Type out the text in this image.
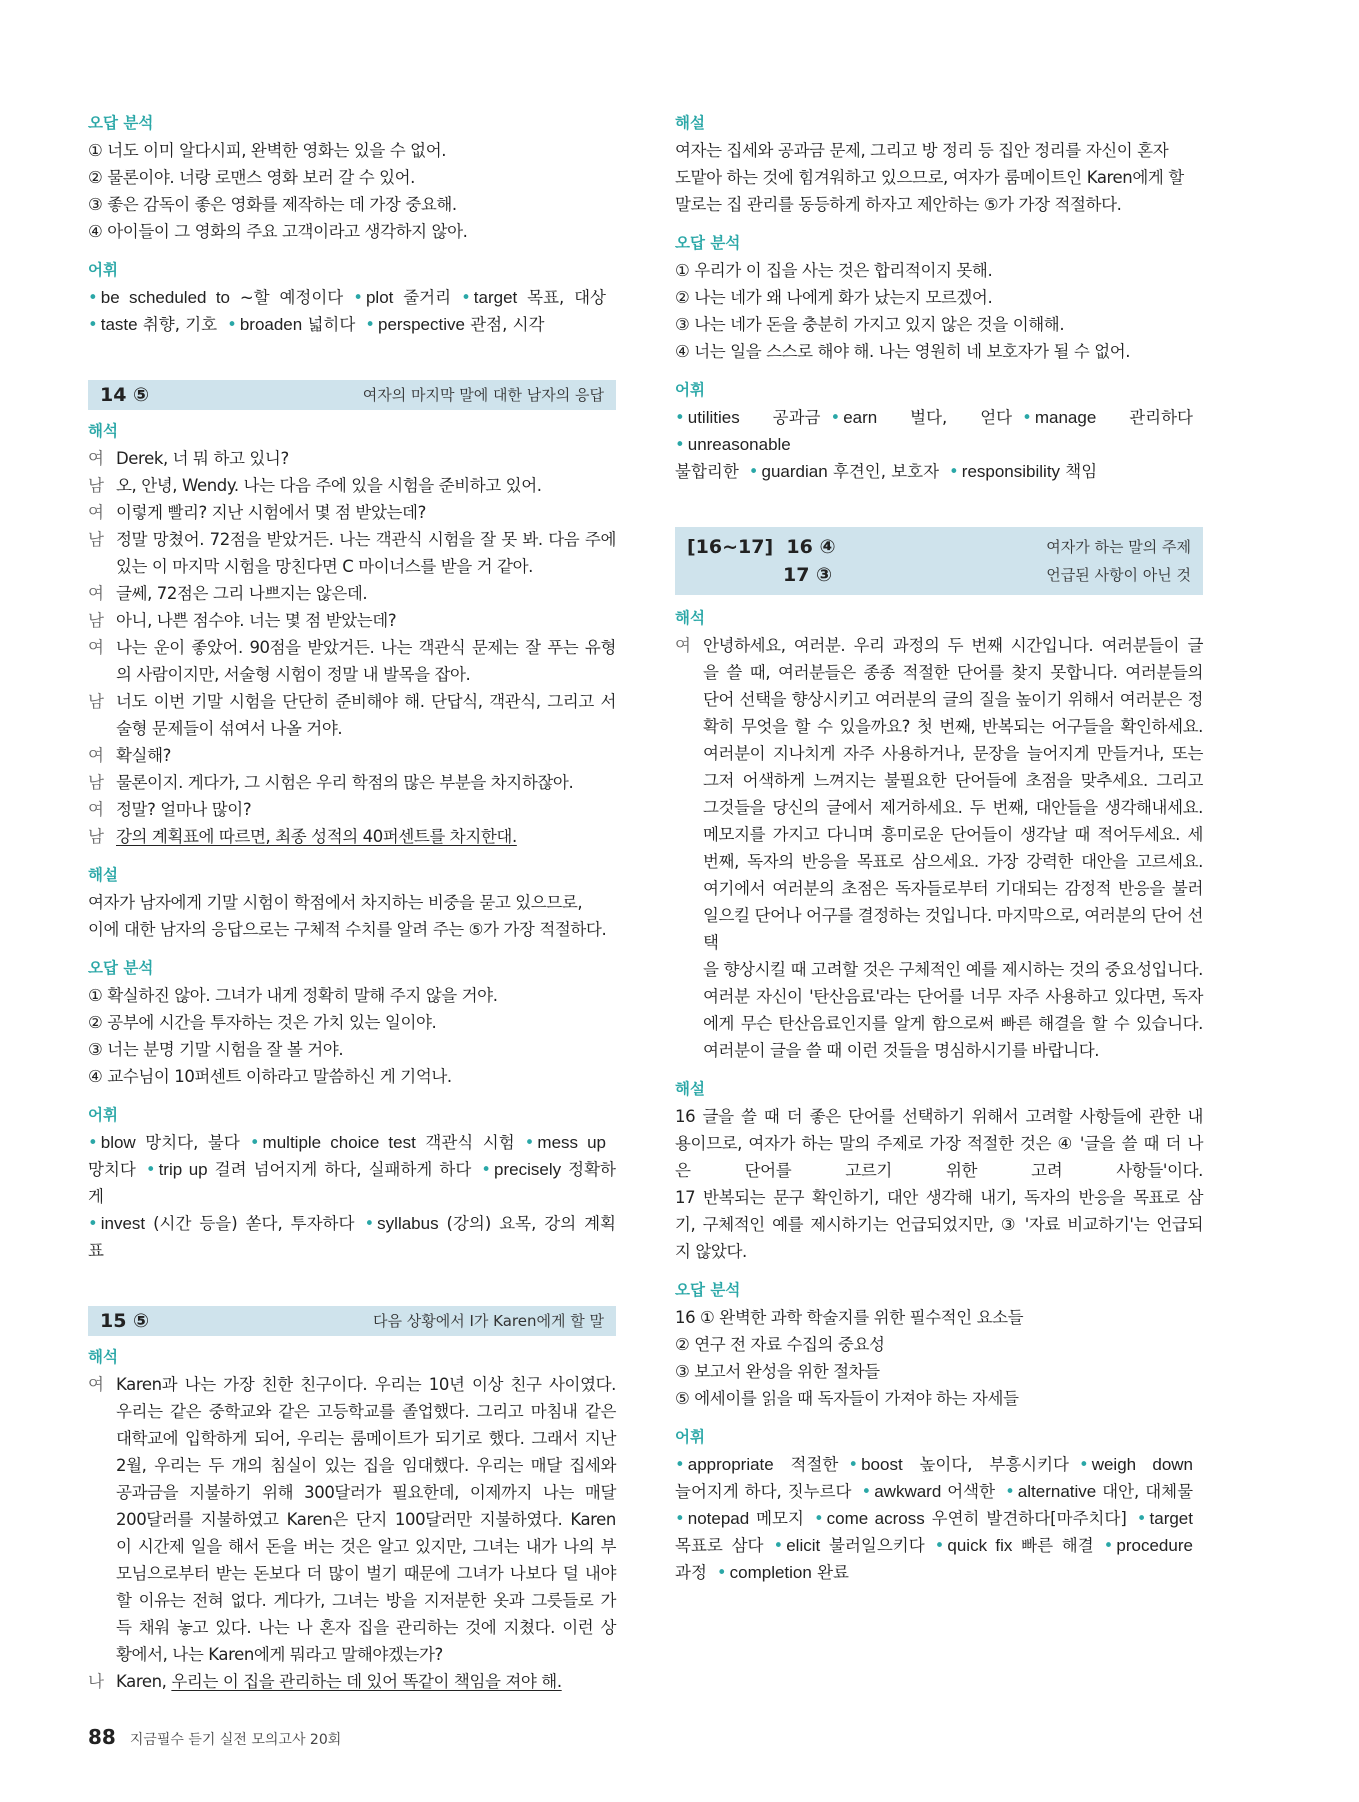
오답 분석
① 너도 이미 알다시피, 완벽한 영화는 있을 수 없어.
② 물론이야. 너랑 로맨스 영화 보러 갈 수 있어.
③ 좋은 감독이 좋은 영화를 제작하는 데 가장 중요해.
④ 아이들이 그 영화의 주요 고객이라고 생각하지 않아.
어휘
• be scheduled to ~할 예정이다 • plot 줄거리 • target 목표, 대상
• taste 취향, 기호 • broaden 넓히다 • perspective 관점, 시각
14 ⑤	여자의 마지막 말에 대한 남자의 응답
해석
여 Derek, 너 뭐 하고 있니?
남 오, 안녕, Wendy. 나는 다음 주에 있을 시험을 준비하고 있어.
여 이렇게 빨리? 지난 시험에서 몇 점 받았는데?
남 정말 망쳤어. 72점을 받았거든. 나는 객관식 시험을 잘 못 봐. 다음 주에
있는 이 마지막 시험을 망친다면 C 마이너스를 받을 거 같아.
여 글쎄, 72점은 그리 나쁘지는 않은데.
남 아니, 나쁜 점수야. 너는 몇 점 받았는데?
여 나는 운이 좋았어. 90점을 받았거든. 나는 객관식 문제는 잘 푸는 유형
의 사람이지만, 서술형 시험이 정말 내 발목을 잡아.
남 너도 이번 기말 시험을 단단히 준비해야 해. 단답식, 객관식, 그리고 서
술형 문제들이 섞여서 나올 거야.
여 확실해?
남 물론이지. 게다가, 그 시험은 우리 학점의 많은 부분을 차지하잖아.
여 정말? 얼마나 많이?
남 강의 계획표에 따르면, 최종 성적의 40퍼센트를 차지한대.
해설
여자가 남자에게 기말 시험이 학점에서 차지하는 비중을 묻고 있으므로,
이에 대한 남자의 응답으로는 구체적 수치를 알려 주는 ⑤가 가장 적절하다.
오답 분석
① 확실하진 않아. 그녀가 내게 정확히 말해 주지 않을 거야.
② 공부에 시간을 투자하는 것은 가치 있는 일이야.
③ 너는 분명 기말 시험을 잘 볼 거야.
④ 교수님이 10퍼센트 이하라고 말씀하신 게 기억나.
어휘
• blow 망치다, 불다 • multiple choice test 객관식 시험 • mess up
망치다 • trip up 걸려 넘어지게 하다, 실패하게 하다 • precisely 정확하게
• invest (시간 등을) 쏟다, 투자하다 • syllabus (강의) 요목, 강의 계획표
15 ⑤	다음 상황에서 I가 Karen에게 할 말
해석
여 Karen과 나는 가장 친한 친구이다. 우리는 10년 이상 친구 사이였다.
우리는 같은 중학교와 같은 고등학교를 졸업했다. 그리고 마침내 같은
대학교에 입학하게 되어, 우리는 룸메이트가 되기로 했다. 그래서 지난
2월, 우리는 두 개의 침실이 있는 집을 임대했다. 우리는 매달 집세와
공과금을 지불하기 위해 300달러가 필요한데, 이제까지 나는 매달
200달러를 지불하였고 Karen은 단지 100달러만 지불하였다. Karen
이 시간제 일을 해서 돈을 버는 것은 알고 있지만, 그녀는 내가 나의 부
모님으로부터 받는 돈보다 더 많이 벌기 때문에 그녀가 나보다 덜 내야
할 이유는 전혀 없다. 게다가, 그녀는 방을 지저분한 옷과 그릇들로 가
득 채워 놓고 있다. 나는 나 혼자 집을 관리하는 것에 지쳤다. 이런 상
황에서, 나는 Karen에게 뭐라고 말해야겠는가?
나 Karen, 우리는 이 집을 관리하는 데 있어 똑같이 책임을 져야 해.
해설
여자는 집세와 공과금 문제, 그리고 방 정리 등 집안 정리를 자신이 혼자
도맡아 하는 것에 힘겨워하고 있으므로, 여자가 룸메이트인 Karen에게 할
말로는 집 관리를 동등하게 하자고 제안하는 ⑤가 가장 적절하다.
오답 분석
① 우리가 이 집을 사는 것은 합리적이지 못해.
② 나는 네가 왜 나에게 화가 났는지 모르겠어.
③ 나는 네가 돈을 충분히 가지고 있지 않은 것을 이해해.
④ 너는 일을 스스로 해야 해. 나는 영원히 네 보호자가 될 수 없어.
어휘
• utilities 공과금 • earn 벌다, 얻다 • manage 관리하다• unreasonable
불합리한 • guardian 후견인, 보호자 • responsibility 책임
[16~17] 16 ④	여자가 하는 말의 주제
17 ③	언급된 사항이 아닌 것
해석
여 안녕하세요, 여러분. 우리 과정의 두 번째 시간입니다. 여러분들이 글
을 쓸 때, 여러분들은 종종 적절한 단어를 찾지 못합니다. 여러분들의
단어 선택을 향상시키고 여러분의 글의 질을 높이기 위해서 여러분은 정
확히 무엇을 할 수 있을까요? 첫 번째, 반복되는 어구들을 확인하세요.
여러분이 지나치게 자주 사용하거나, 문장을 늘어지게 만들거나, 또는
그저 어색하게 느껴지는 불필요한 단어들에 초점을 맞추세요. 그리고
그것들을 당신의 글에서 제거하세요. 두 번째, 대안들을 생각해내세요.
메모지를 가지고 다니며 흥미로운 단어들이 생각날 때 적어두세요. 세
번째, 독자의 반응을 목표로 삼으세요. 가장 강력한 대안을 고르세요.
여기에서 여러분의 초점은 독자들로부터 기대되는 감정적 반응을 불러
일으킬 단어나 어구를 결정하는 것입니다. 마지막으로, 여러분의 단어 선택
을 향상시킬 때 고려할 것은 구체적인 예를 제시하는 것의 중요성입니다.
여러분 자신이 '탄산음료'라는 단어를 너무 자주 사용하고 있다면, 독자
에게 무슨 탄산음료인지를 알게 함으로써 빠른 해결을 할 수 있습니다.
여러분이 글을 쓸 때 이런 것들을 명심하시기를 바랍니다.
해설
16 글을 쓸 때 더 좋은 단어를 선택하기 위해서 고려할 사항들에 관한 내
용이므로, 여자가 하는 말의 주제로 가장 적절한 것은 ④ '글을 쓸 때 더 나
은 단어를 고르기 위한 고려 사항들'이다.
17 반복되는 문구 확인하기, 대안 생각해 내기, 독자의 반응을 목표로 삼
기, 구체적인 예를 제시하기는 언급되었지만, ③ '자료 비교하기'는 언급되
지 않았다.
오답 분석
16 ① 완벽한 과학 학술지를 위한 필수적인 요소들
② 연구 전 자료 수집의 중요성
③ 보고서 완성을 위한 절차들
⑤ 에세이를 읽을 때 독자들이 가져야 하는 자세들
어휘
• appropriate 적절한 • boost 높이다, 부흥시키다 • weigh down
늘어지게 하다, 짓누르다 • awkward 어색한 • alternative 대안, 대체물
• notepad 메모지 • come across 우연히 발견하다[마주치다] • target
목표로 삼다 • elicit 불러일으키다 • quick fix 빠른 해결 • procedure
과정 • completion 완료
88 지금필수 듣기 실전 모의고사 20회
